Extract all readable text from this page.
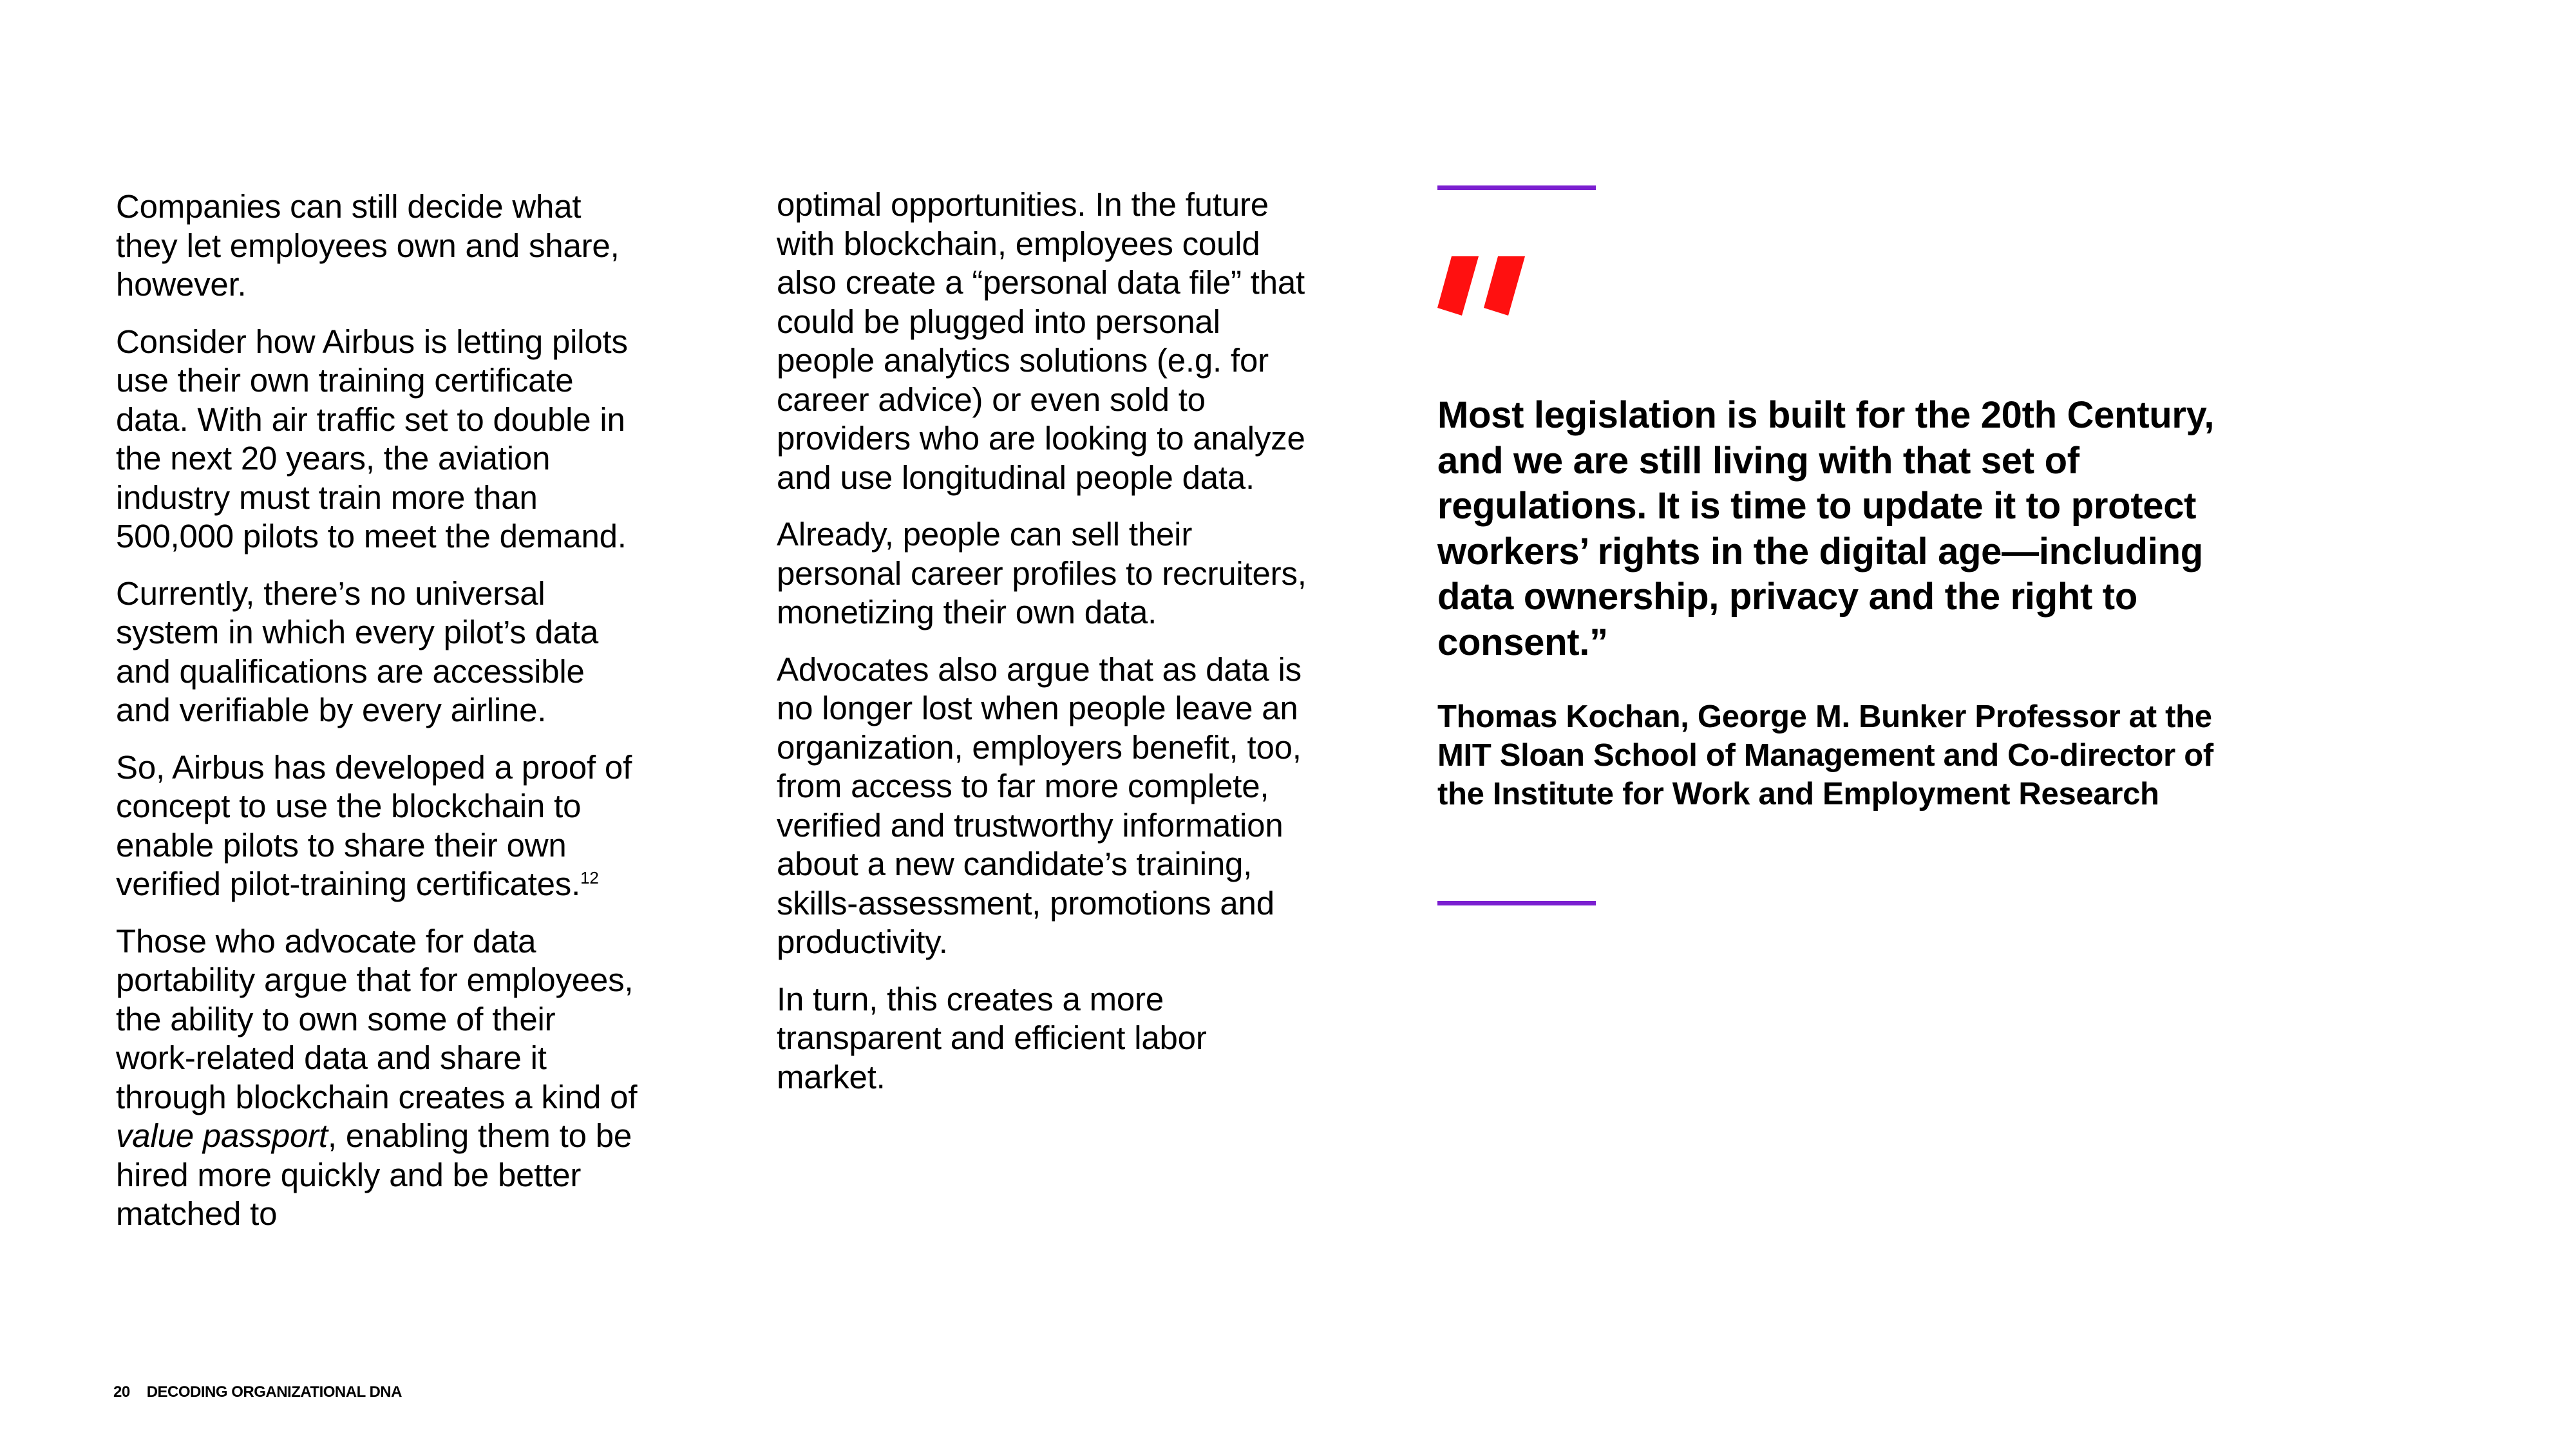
Companies can still decide what they let employees own and share, however.

Consider how Airbus is letting pilots use their own training certificate data. With air traffic set to double in the next 20 years, the aviation industry must train more than 500,000 pilots to meet the demand.

Currently, there’s no universal system in which every pilot’s data and qualifications are accessible and verifiable by every airline.

So, Airbus has developed a proof of concept to use the blockchain to enable pilots to share their own verified pilot-training certificates.$^{12}$

Those who advocate for data portability argue that for employees, the ability to own some of their work-related data and share it through blockchain creates a kind of value passport, enabling them to be hired more quickly and be better matched to

optimal opportunities. In the future with blockchain, employees could also create a “personal data file” that could be plugged into personal people analytics solutions (e.g. for career advice) or even sold to providers who are looking to analyze and use longitudinal people data.

Already, people can sell their personal career profiles to recruiters, monetizing their own data.

Advocates also argue that as data is no longer lost when people leave an organization, employers benefit, too, from access to far more complete, verified and trustworthy information about a new candidate’s training, skills-assessment, promotions and productivity.

In turn, this creates a more transparent and efficient labor market.

Most legislation is built for the 20th Century, and we are still living with that set of regulations. It is time to update it to protect workers’ rights in the digital age—including data ownership, privacy and the right to consent.”
Thomas Kochan, George M. Bunker Professor at the MIT Sloan School of Management and Co-director of the Institute for Work and Employment Research
20 DECODING ORGANIZATIONAL DNA
